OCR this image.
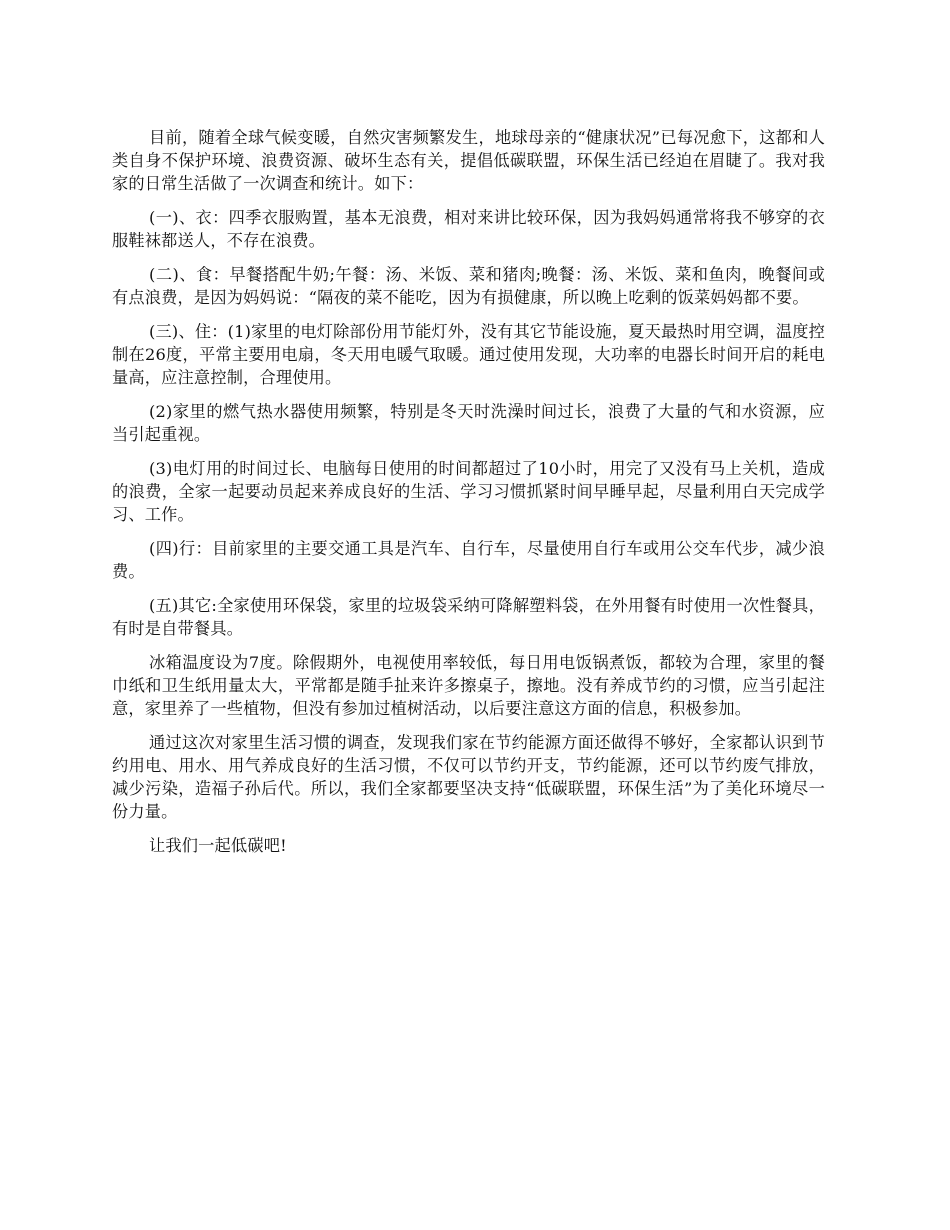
目前，随着全球气候变暖，自然灾害频繁发生，地球母亲的“健康状况”已每况愈下，这都和人类自身不保护环境、浪费资源、破坏生态有关，提倡低碳联盟，环保生活已经迫在眉睫了。我对我家的日常生活做了一次调查和统计。如下：

(一)、衣：四季衣服购置，基本无浪费，相对来讲比较环保，因为我妈妈通常将我不够穿的衣服鞋袜都送人，不存在浪费。

(二)、食：早餐搭配牛奶;午餐：汤、米饭、菜和猪肉;晚餐：汤、米饭、菜和鱼肉，晚餐间或有点浪费，是因为妈妈说：“隔夜的菜不能吃，因为有损健康，所以晚上吃剩的饭菜妈妈都不要。

(三)、住：(1)家里的电灯除部份用节能灯外，没有其它节能设施，夏天最热时用空调，温度控制在26度，平常主要用电扇，冬天用电暖气取暖。通过使用发现，大功率的电器长时间开启的耗电量高，应注意控制，合理使用。

(2)家里的燃气热水器使用频繁，特别是冬天时洗澡时间过长，浪费了大量的气和水资源，应当引起重视。

(3)电灯用的时间过长、电脑每日使用的时间都超过了10小时，用完了又没有马上关机，造成的浪费，全家一起要动员起来养成良好的生活、学习习惯抓紧时间早睡早起，尽量利用白天完成学习、工作。

(四)行：目前家里的主要交通工具是汽车、自行车，尽量使用自行车或用公交车代步，减少浪费。

(五)其它:全家使用环保袋，家里的垃圾袋采纳可降解塑料袋，在外用餐有时使用一次性餐具，有时是自带餐具。

冰箱温度设为7度。除假期外，电视使用率较低，每日用电饭锅煮饭，都较为合理，家里的餐巾纸和卫生纸用量太大，平常都是随手扯来许多擦桌子，擦地。没有养成节约的习惯，应当引起注意，家里养了一些植物，但没有参加过植树活动，以后要注意这方面的信息，积极参加。

通过这次对家里生活习惯的调查，发现我们家在节约能源方面还做得不够好，全家都认识到节约用电、用水、用气养成良好的生活习惯，不仅可以节约开支，节约能源，还可以节约废气排放，减少污染，造福子孙后代。所以，我们全家都要坚决支持“低碳联盟，环保生活”为了美化环境尽一份力量。

让我们一起低碳吧!
